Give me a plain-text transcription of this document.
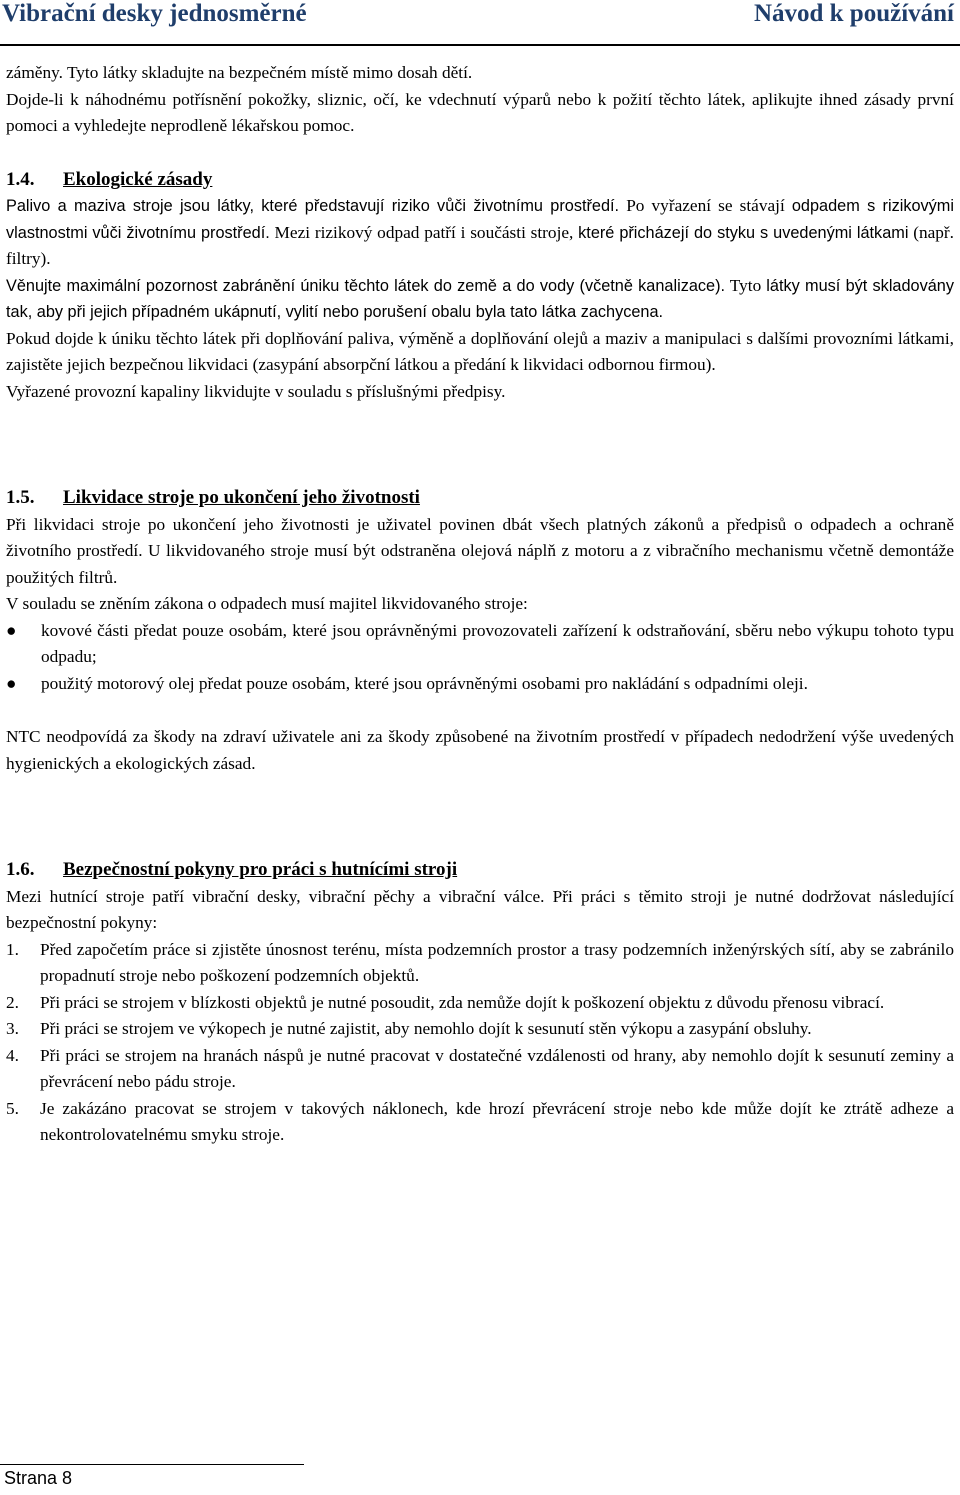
Vibrační desky jednosměrné	Návod k používání

záměny. Tyto látky skladujte na bezpečném místě mimo dosah dětí.

Dojde-li k náhodnému potřísnění pokožky, sliznic, očí, ke vdechnutí výparů nebo k požití těchto látek, aplikujte ihned zásady první pomoci a vyhledejte neprodleně lékařskou pomoc.

1.4. Ekologické zásady

Palivo a maziva stroje jsou látky, které představují riziko vůči životnímu prostředí. Po vyřazení se stávají odpadem s rizikovými vlastnostmi vůči životnímu prostředí. Mezi rizikový odpad patří i součásti stroje, které přicházejí do styku s uvedenými látkami (např. filtry).

Věnujte maximální pozornost zabránění úniku těchto látek do země a do vody (včetně kanalizace). Tyto látky musí být skladovány tak, aby při jejich případném ukápnutí, vylití nebo porušení obalu byla tato látka zachycena.

Pokud dojde k úniku těchto látek při doplňování paliva, výměně a doplňování olejů a maziv a manipulaci s dalšími provozními látkami, zajistěte jejich bezpečnou likvidaci (zasypání absorpční látkou a předání k likvidaci odbornou firmou).

Vyřazené provozní kapaliny likvidujte v souladu s příslušnými předpisy.

1.5. Likvidace stroje po ukončení jeho životnosti

Při likvidaci stroje po ukončení jeho životnosti je uživatel povinen dbát všech platných zákonů a předpisů o odpadech a ochraně životního prostředí. U likvidovaného stroje musí být odstraněna olejová náplň z motoru a z vibračního mechanismu včetně demontáže použitých filtrů.

V souladu se zněním zákona o odpadech musí majitel likvidovaného stroje:

● kovové části předat pouze osobám, které jsou oprávněnými provozovateli zařízení k odstraňování, sběru nebo výkupu tohoto typu odpadu;
● použitý motorový olej předat pouze osobám, které jsou oprávněnými osobami pro nakládání s odpadními oleji.

NTC neodpovídá za škody na zdraví uživatele ani za škody způsobené na životním prostředí v případech nedodržení výše uvedených hygienických a ekologických zásad.

1.6. Bezpečnostní pokyny pro práci s hutnícími stroji

Mezi hutnící stroje patří vibrační desky, vibrační pěchy a vibrační válce. Při práci s těmito stroji je nutné dodržovat následující bezpečnostní pokyny:

1. Před započetím práce si zjistěte únosnost terénu, místa podzemních prostor a trasy podzemních inženýrských sítí, aby se zabránilo propadnutí stroje nebo poškození podzemních objektů.
2. Při práci se strojem v blízkosti objektů je nutné posoudit, zda nemůže dojít k poškození objektu z důvodu přenosu vibrací.
3. Při práci se strojem ve výkopech je nutné zajistit, aby nemohlo dojít k sesunutí stěn výkopu a zasypání obsluhy.
4. Při práci se strojem na hranách náspů je nutné pracovat v dostatečné vzdálenosti od hrany, aby nemohlo dojít k sesunutí zeminy a převrácení nebo pádu stroje.
5. Je zakázáno pracovat se strojem v takových náklonech, kde hrozí převrácení stroje nebo kde může dojít ke ztrátě adheze a nekontrolovatelnému smyku stroje.
Strana 8
